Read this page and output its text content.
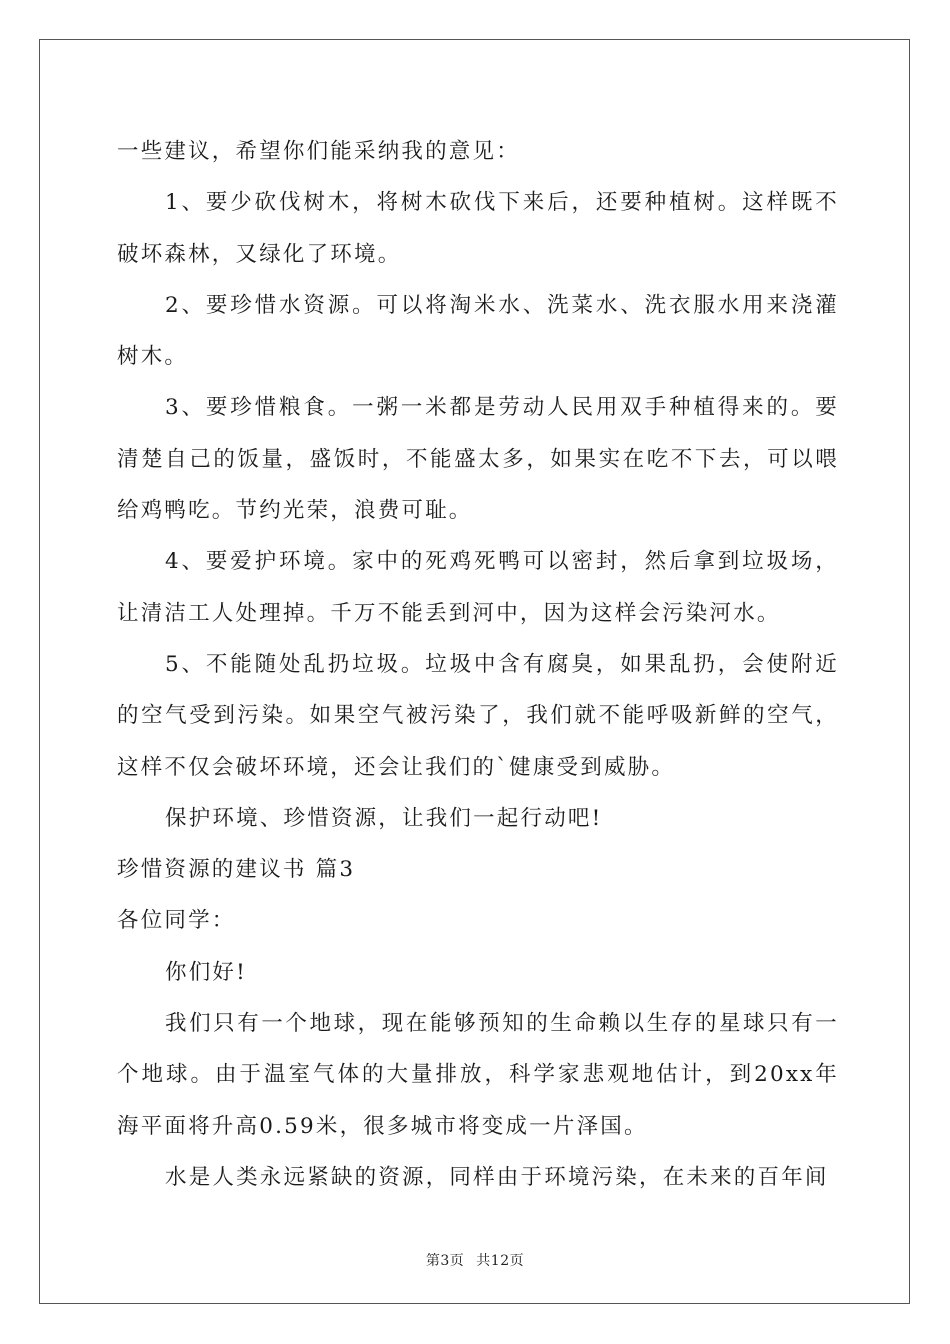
一些建议，希望你们能采纳我的意见：

1、要少砍伐树木，将树木砍伐下来后，还要种植树。这样既不破坏森林，又绿化了环境。

2、要珍惜水资源。可以将淘米水、洗菜水、洗衣服水用来浇灌树木。

3、要珍惜粮食。一粥一米都是劳动人民用双手种植得来的。要清楚自己的饭量，盛饭时，不能盛太多，如果实在吃不下去，可以喂给鸡鸭吃。节约光荣，浪费可耻。

4、要爱护环境。家中的死鸡死鸭可以密封，然后拿到垃圾场，让清洁工人处理掉。千万不能丢到河中，因为这样会污染河水。

5、不能随处乱扔垃圾。垃圾中含有腐臭，如果乱扔，会使附近的空气受到污染。如果空气被污染了，我们就不能呼吸新鲜的空气，这样不仅会破坏环境，还会让我们的`健康受到威胁。

保护环境、珍惜资源，让我们一起行动吧!

珍惜资源的建议书 篇3

各位同学：

你们好!

我们只有一个地球，现在能够预知的生命赖以生存的星球只有一个地球。由于温室气体的大量排放，科学家悲观地估计，到20xx年海平面将升高0.59米，很多城市将变成一片泽国。

水是人类永远紧缺的资源，同样由于环境污染，在未来的百年间

第3页 共12页
